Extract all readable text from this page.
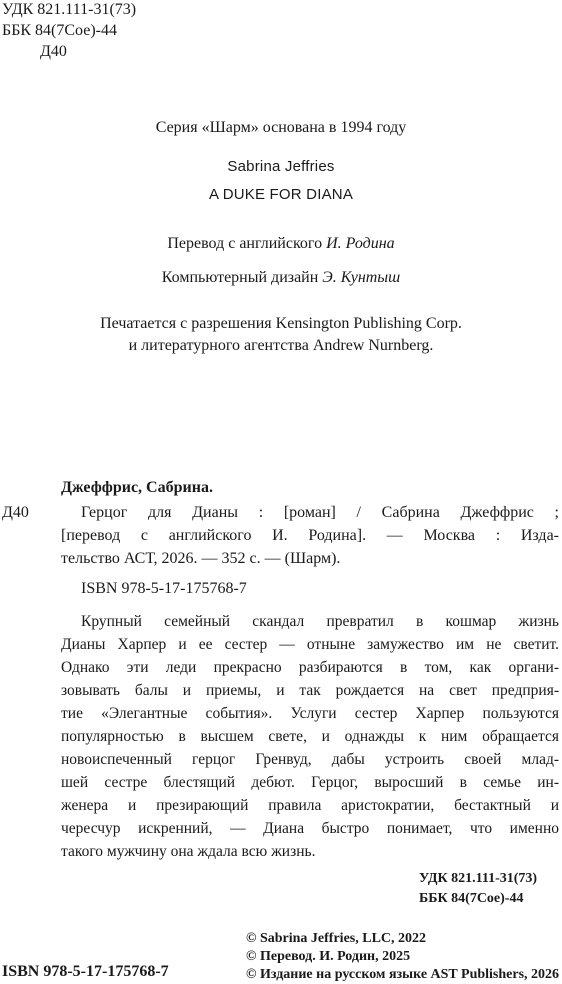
УДК 821.111-31(73)
ББК 84(7Сое)-44
Д40
Серия «Шарм» основана в 1994 году
Sabrina Jeffries
A DUKE FOR DIANA
Перевод с английского И. Родина
Компьютерный дизайн Э. Кунтыш
Печатается с разрешения Kensington Publishing Corp.
и литературного агентства Andrew Nurnberg.
Джеффрис, Сабрина.
Д40	Герцог для Дианы : [роман] / Сабрина Джеффрис ;
[перевод с английского И. Родина]. — Москва : Изда-
тельство АСТ, 2026. — 352 с. — (Шарм).
ISBN 978-5-17-175768-7
Крупный семейный скандал превратил в кошмар жизнь
Дианы Харпер и ее сестер — отныне замужество им не светит.
Однако эти леди прекрасно разбираются в том, как органи-
зовывать балы и приемы, и так рождается на свет предприя-
тие «Элегантные события». Услуги сестер Харпер пользуются
популярностью в высшем свете, и однажды к ним обращается
новоиспеченный герцог Гренвуд, дабы устроить своей млад-
шей сестре блестящий дебют. Герцог, выросший в семье ин-
женера и презирающий правила аристократии, бестактный и
чересчур искренний, — Диана быстро понимает, что именно
такого мужчину она ждала всю жизнь.
УДК 821.111-31(73)
ББК 84(7Сое)-44
ISBN 978-5-17-175768-7
© Sabrina Jeffries, LLC, 2022
© Перевод. И. Родин, 2025
© Издание на русском языке AST Publishers, 2026
